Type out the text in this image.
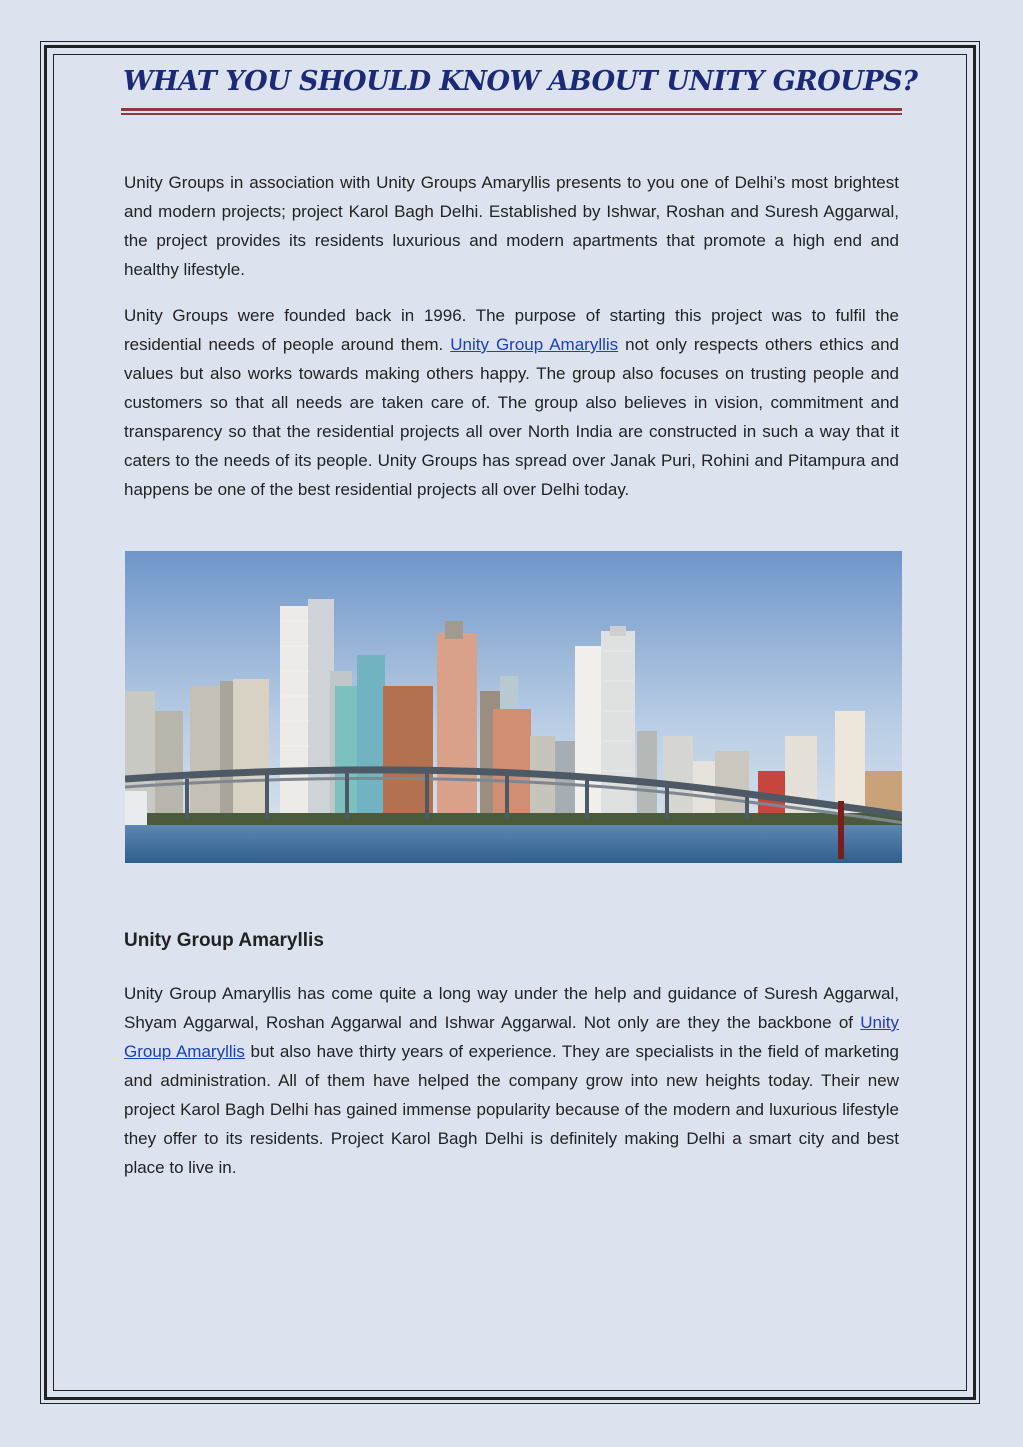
WHAT YOU SHOULD KNOW ABOUT UNITY GROUPS?

Unity Groups in association with Unity Groups Amaryllis presents to you one of Delhi’s most brightest and modern projects; project Karol Bagh Delhi. Established by Ishwar, Roshan and Suresh Aggarwal, the project provides its residents luxurious and modern apartments that promote a high end and healthy lifestyle.

Unity Groups were founded back in 1996. The purpose of starting this project was to fulfil the residential needs of people around them. Unity Group Amaryllis not only respects others ethics and values but also works towards making others happy. The group also focuses on trusting people and customers so that all needs are taken care of. The group also believes in vision, commitment and transparency so that the residential projects all over North India are constructed in such a way that it caters to the needs of its people. Unity Groups has spread over Janak Puri, Rohini and Pitampura and happens be one of the best residential projects all over Delhi today.

Unity Group Amaryllis

Unity Group Amaryllis has come quite a long way under the help and guidance of Suresh Aggarwal, Shyam Aggarwal, Roshan Aggarwal and Ishwar Aggarwal. Not only are they the backbone of Unity Group Amaryllis but also have thirty years of experience. They are specialists in the field of marketing and administration. All of them have helped the company grow into new heights today. Their new project Karol Bagh Delhi has gained immense popularity because of the modern and luxurious lifestyle they offer to its residents. Project Karol Bagh Delhi is definitely making Delhi a smart city and best place to live in.
